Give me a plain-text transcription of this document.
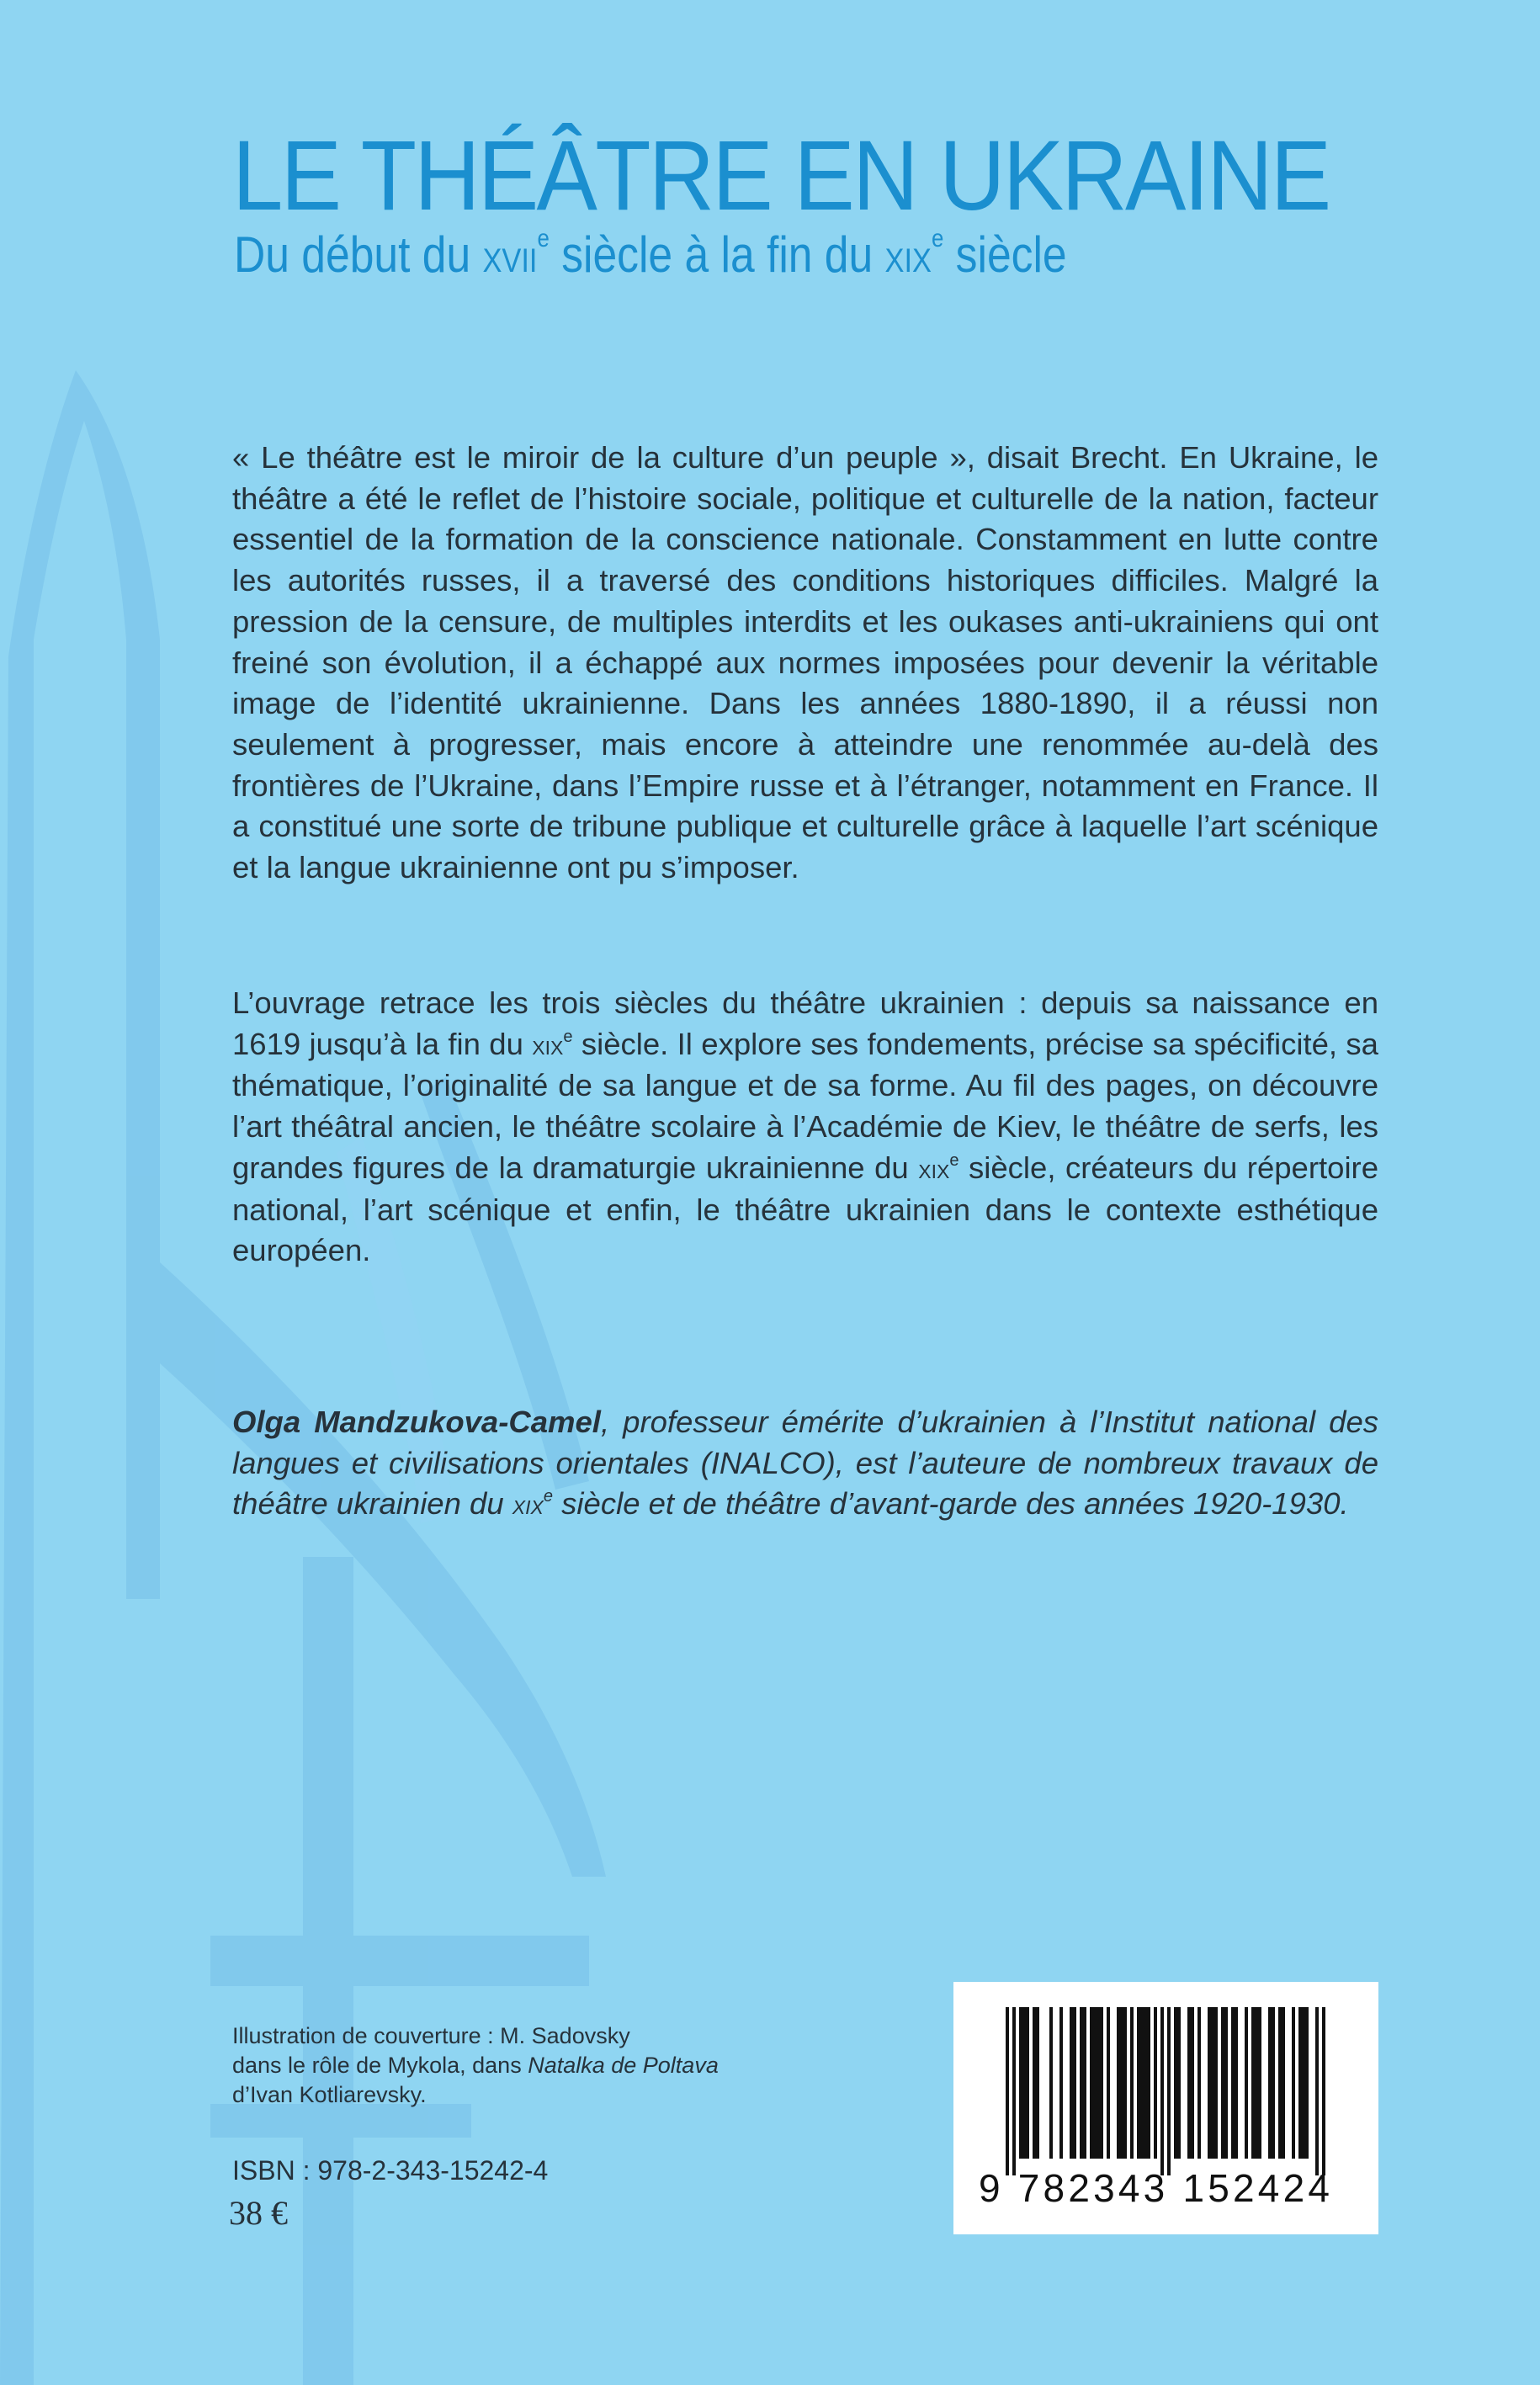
LE THÉÂTRE EN UKRAINE
Du début du xvii$^e$ siècle à la fin du xix$^e$ siècle

« Le théâtre est le miroir de la culture d’un peuple », disait Brecht. En Ukraine, le théâtre a été le reflet de l’histoire sociale, politique et culturelle de la nation, facteur essentiel de la formation de la conscience nationale. Constamment en lutte contre les autorités russes, il a traversé des conditions historiques difficiles. Malgré la pression de la censure, de multiples interdits et les oukases anti-ukrainiens qui ont freiné son évolution, il a échappé aux normes imposées pour devenir la véritable image de l’identité ukrainienne. Dans les années 1880-1890, il a réussi non seulement à progresser, mais encore à atteindre une renommée au-delà des frontières de l’Ukraine, dans l’Empire russe et à l’étranger, notamment en France. Il a constitué une sorte de tribune publique et culturelle grâce à laquelle l’art scénique et la langue ukrainienne ont pu s’imposer.

L’ouvrage retrace les trois siècles du théâtre ukrainien : depuis sa naissance en 1619 jusqu’à la fin du xix$^e$ siècle. Il explore ses fondements, précise sa spécificité, sa thématique, l’originalité de sa langue et de sa forme. Au fil des pages, on découvre l’art théâtral ancien, le théâtre scolaire à l’Académie de Kiev, le théâtre de serfs, les grandes figures de la dramaturgie ukrainienne du xix$^e$ siècle, créateurs du répertoire national, l’art scénique et enfin, le théâtre ukrainien dans le contexte esthétique européen.

Olga Mandzukova-Camel, professeur émérite d’ukrainien à l’Institut national des langues et civilisations orientales (INALCO), est l’auteure de nombreux travaux de théâtre ukrainien du xix$^e$ siècle et de théâtre d’avant-garde des années 1920-1930.

Illustration de couverture : M. Sadovsky
dans le rôle de Mykola, dans Natalka de Poltava
d’Ivan Kotliarevsky.
ISBN : 978-2-343-15242-4
38 €
9 782343 152424
